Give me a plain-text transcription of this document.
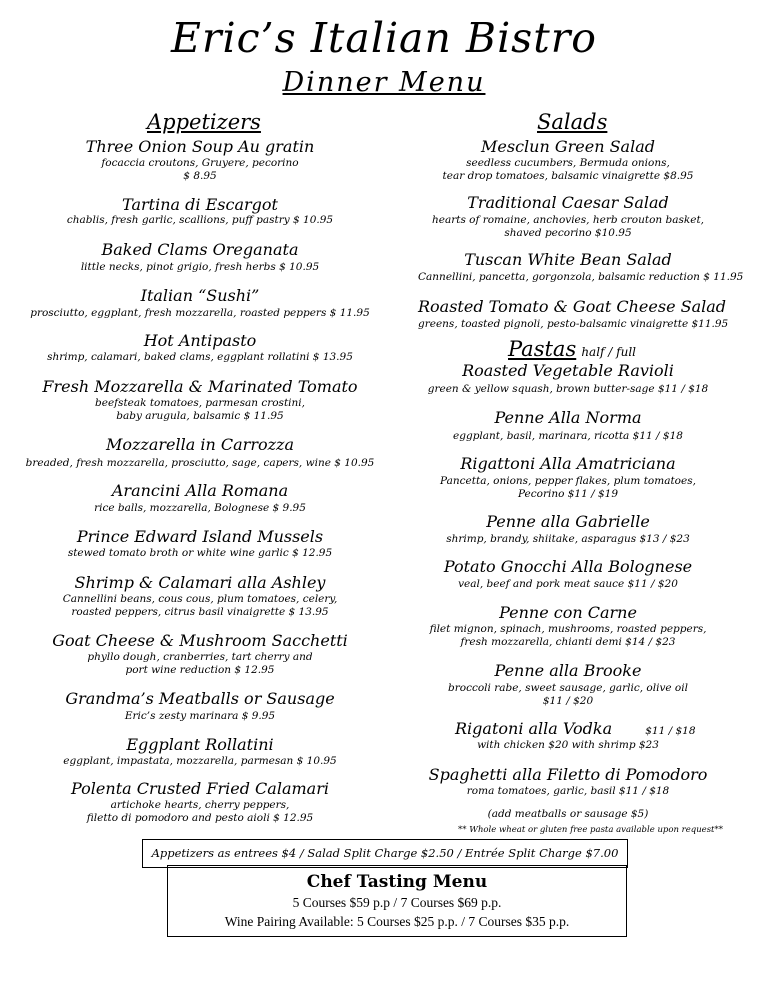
Eric’s Italian Bistro
Dinner Menu
Appetizers
Three Onion Soup Au gratin
focaccia croutons, Gruyere, pecorino
$ 8.95
Tartina di Escargot
chablis, fresh garlic, scallions, puff pastry $ 10.95
Baked Clams Oreganata
little necks, pinot grigio, fresh herbs $ 10.95
Italian “Sushi”
prosciutto, eggplant, fresh mozzarella, roasted peppers $ 11.95
Hot Antipasto
shrimp, calamari, baked clams, eggplant rollatini $ 13.95
Fresh Mozzarella & Marinated Tomato
beefsteak tomatoes, parmesan crostini,
baby arugula, balsamic $ 11.95
Mozzarella in Carrozza
breaded, fresh mozzarella, prosciutto, sage, capers, wine $ 10.95
Arancini Alla Romana
rice balls, mozzarella, Bolognese $ 9.95
Prince Edward Island Mussels
stewed tomato broth or white wine garlic $ 12.95
Shrimp & Calamari alla Ashley
Cannellini beans, cous cous, plum tomatoes, celery,
roasted peppers, citrus basil vinaigrette $ 13.95
Goat Cheese & Mushroom Sacchetti
phyllo dough, cranberries, tart cherry and
port wine reduction $ 12.95
Grandma’s Meatballs or Sausage
Eric’s zesty marinara $ 9.95
Eggplant Rollatini
eggplant, impastata, mozzarella, parmesan $ 10.95
Polenta Crusted Fried Calamari
artichoke hearts, cherry peppers,
filetto di pomodoro and pesto aioli $ 12.95
Salads
Mesclun Green Salad
seedless cucumbers, Bermuda onions,
tear drop tomatoes, balsamic vinaigrette $8.95
Traditional Caesar Salad
hearts of romaine, anchovies, herb crouton basket,
shaved pecorino $10.95
Tuscan White Bean Salad
Cannellini, pancetta, gorgonzola, balsamic reduction $ 11.95
Roasted Tomato & Goat Cheese Salad
greens, toasted pignoli, pesto-balsamic vinaigrette $11.95
Pastas half / full
Roasted Vegetable Ravioli
green & yellow squash, brown butter-sage $11 / $18
Penne Alla Norma
eggplant, basil, marinara, ricotta $11 / $18
Rigattoni Alla Amatriciana
Pancetta, onions, pepper flakes, plum tomatoes,
Pecorino $11 / $19
Penne alla Gabrielle
shrimp, brandy, shiitake, asparagus $13 / $23
Potato Gnocchi Alla Bolognese
veal, beef and pork meat sauce $11 / $20
Penne con Carne
filet mignon, spinach, mushrooms, roasted peppers,
fresh mozzarella, chianti demi $14 / $23
Penne alla Brooke
broccoli rabe, sweet sausage, garlic, olive oil
$11 / $20
Rigatoni alla Vodka	$11 / $18
with chicken $20 with shrimp $23
Spaghetti alla Filetto di Pomodoro
roma tomatoes, garlic, basil $11 / $18
(add meatballs or sausage $5)
** Whole wheat or gluten free pasta available upon request**
Appetizers as entrees $4 / Salad Split Charge $2.50 / Entrée Split Charge $7.00
Chef Tasting Menu
5 Courses $59 p.p / 7 Courses $69 p.p.
Wine Pairing Available: 5 Courses $25 p.p. / 7 Courses $35 p.p.
